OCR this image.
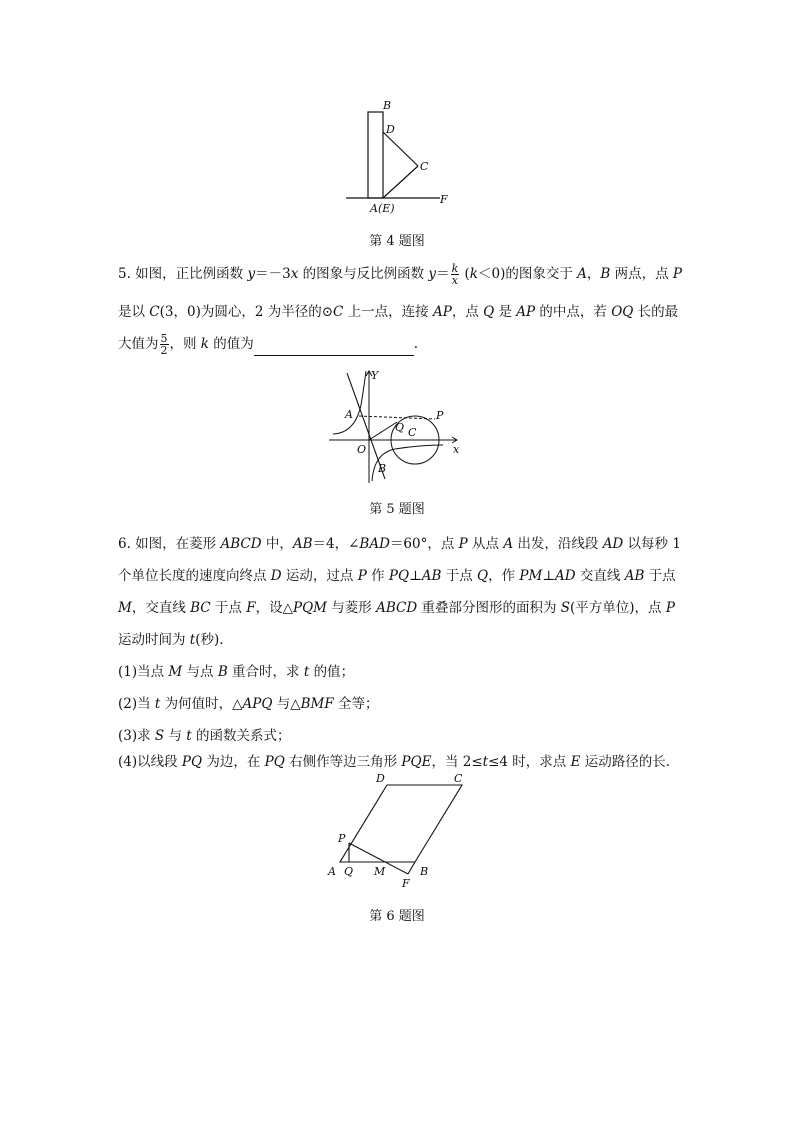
B
D
C
A(E)
F
第 4 题图
5. 如图，正比例函数 y＝－3x 的图象与反比例函数 $y= \frac{k}{x} (k<0)$的图象交于 A，B 两点，点 P
是以 C(3，0)为圆心，2 为半径的⊙C 上一点，连接 AP，点 Q 是 AP 的中点，若 OQ 长的最
大值为 $\frac{5}{2}$ ，则 k 的值为	.
Y
A	P
Q C
O	x
B
第 5 题图
6. 如图，在菱形 ABCD 中，AB＝4，∠BAD＝60°，点 P 从点 A 出发，沿线段 AD 以每秒 1
个单位长度的速度向终点 D 运动，过点 P 作 PQ⊥AB 于点 Q，作 PM⊥AD 交直线 AB 于点
M，交直线 BC 于点 F，设△PQM 与菱形 ABCD 重叠部分图形的面积为 S(平方单位)，点 P
运动时间为 t(秒).
(1)当点 M 与点 B 重合时，求 t 的值；
(2)当 t 为何值时，△APQ 与△BMF 全等；
(3)求 S 与 t 的函数关系式；
(4)以线段 PQ 为边，在 PQ 右侧作等边三角形 PQE，当 2≤t≤4 时，求点 E 运动路径的长.
D	C
P
A Q M	B
F
第 6 题图
